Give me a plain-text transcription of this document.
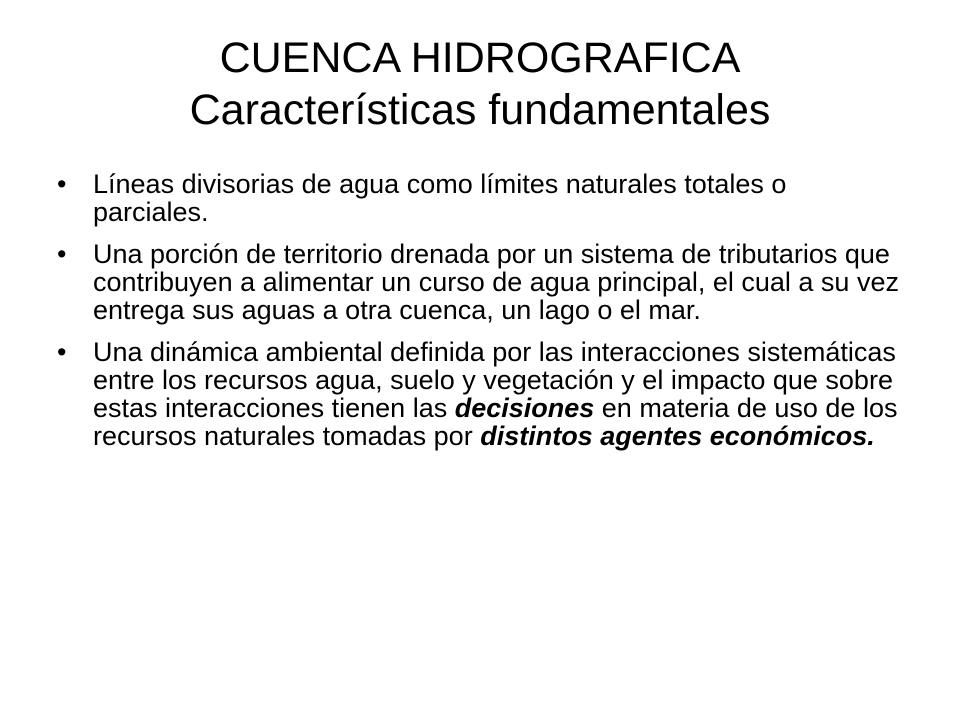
CUENCA HIDROGRAFICA
Características fundamentales
• Líneas divisorias de agua como límites naturales totales o parciales.
• Una porción de territorio drenada por un sistema de tributarios que contribuyen a alimentar un curso de agua principal, el cual a su vez entrega sus aguas a otra cuenca, un lago o el mar.
• Una dinámica ambiental definida por las interacciones sistemáticas entre los recursos agua, suelo y vegetación y el impacto que sobre estas interacciones tienen las decisiones en materia de uso de los recursos naturales tomadas por distintos agentes económicos.
